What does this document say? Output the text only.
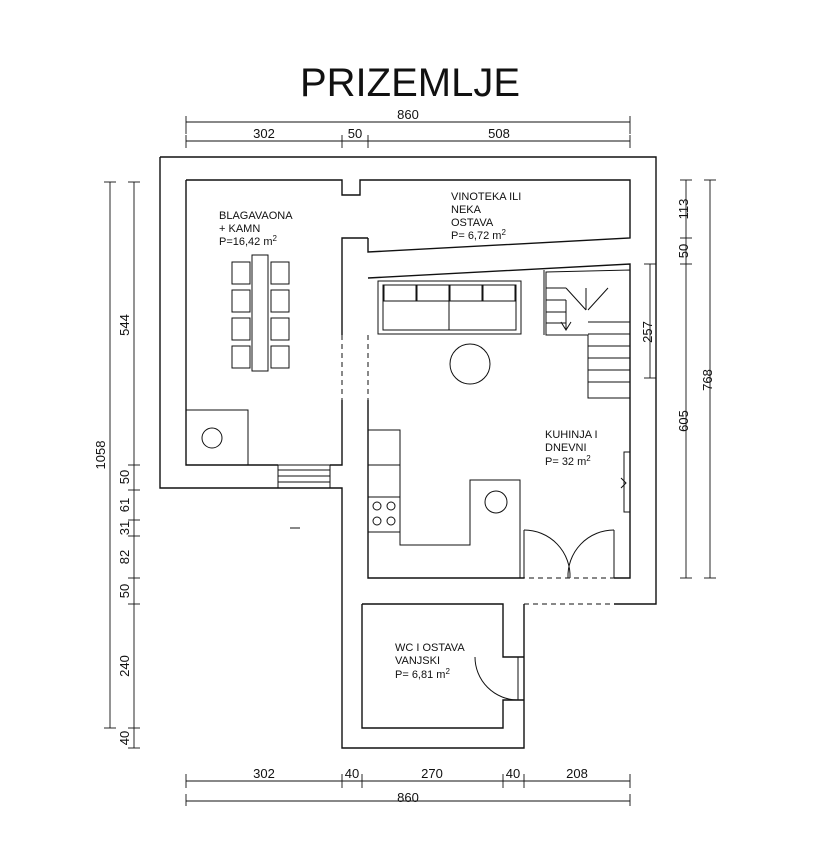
PRIZEMLJE
860
302	50	508
302	40	270	40	208
860
1058
544
50
61
31
82
50
240
40
113
50
605
257
768
BLAGAVAONA
+ KAMN
P=16,42 $m^2$
VINOTEKA ILI
NEKA
OSTAVA
P= 6,72 $m^2$
KUHINJA I
DNEVNI
P= 32 $m^2$
WC I OSTAVA
VANJSKI
P= 6,81 $m^2$
